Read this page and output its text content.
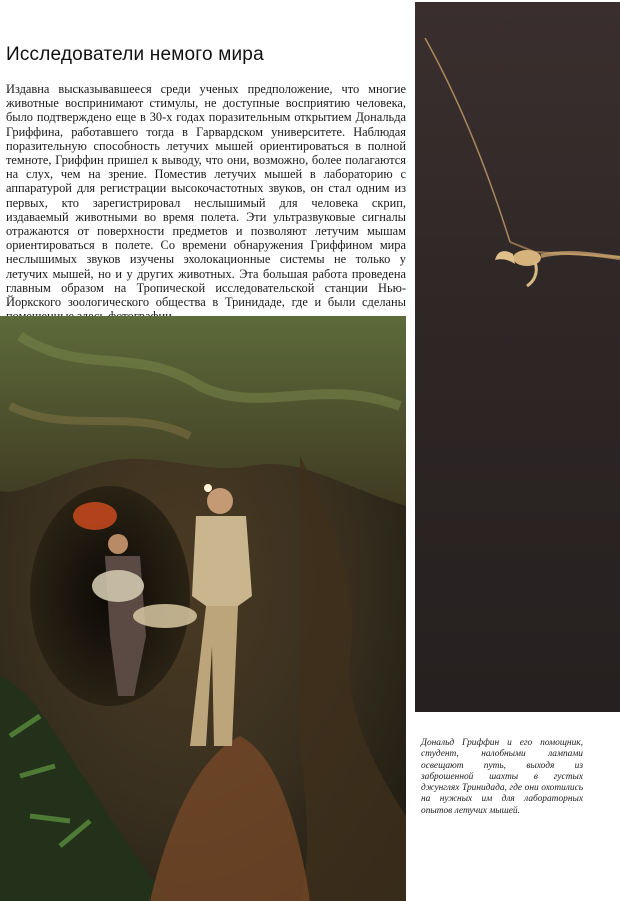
Исследователи немого мира

Издавна высказывавшееся среди ученых предположение, что многие животные воспринимают стимулы, не доступные восприятию человека, было подтверждено еще в 30-х годах поразительным открытием Дональда Гриффина, работавшего тогда в Гарвардском университете. Наблюдая поразительную способность летучих мышей ориентироваться в полной темноте, Гриффин пришел к выводу, что они, возможно, более полагаются на слух, чем на зрение. Поместив летучих мышей в лабораторию с аппаратурой для регистрации высокочастотных звуков, он стал одним из первых, кто зарегистрировал неслышимый для человека скрип, издаваемый животными во время полета. Эти ультразвуковые сигналы отражаются от поверхности предметов и позволяют летучим мышам ориентироваться в полете. Со времени обнаружения Гриффином мира неслышимых звуков изучены эхолокационные системы не только у летучих мышей, но и у других животных. Эта большая работа проведена главным образом на Тропической исследовательской станции Нью-Йоркского зоологического общества в Тринидаде, где и были сделаны

Дональд Гриффин и его помощник, студент, налобными лампами освещают путь, выходя из заброшенной шахты в густых джунглях Тринидада, где они охотились на нужных им для лабораторных опытов летучих мышей.
